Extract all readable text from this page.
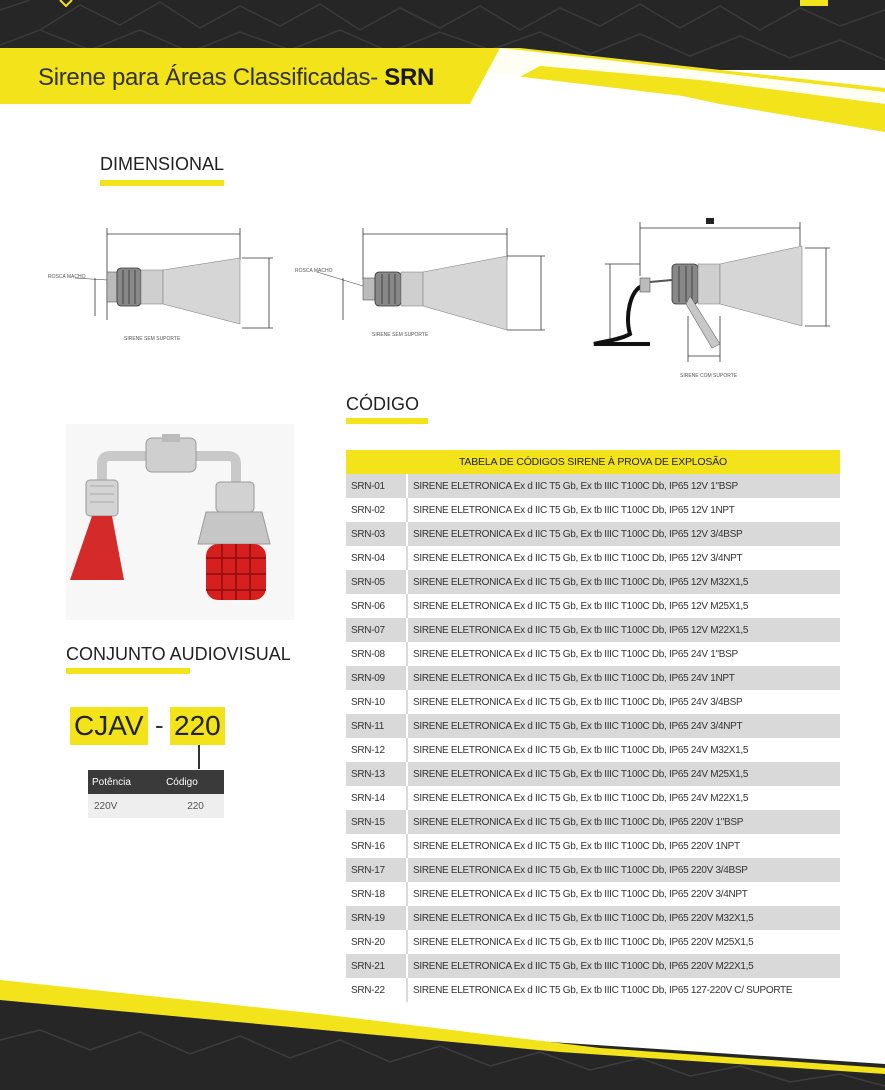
Sirene para Áreas Classificadas- SRN
DIMENSIONAL
ROSCA MACHO
SIRENE SEM SUPORTE
ROSCA MACHO
SIRENE SEM SUPORTE
SIRENE COM SUPORTE
CÓDIGO
TABELA DE CÓDIGOS SIRENE À PROVA DE EXPLOSÃO	
SRN-01	SIRENE ELETRONICA Ex d IIC T5 Gb, Ex tb IIIC T100C Db, IP65 12V 1"BSP
SRN-02	SIRENE ELETRONICA Ex d IIC T5 Gb, Ex tb IIIC T100C Db, IP65 12V 1NPT
SRN-03	SIRENE ELETRONICA Ex d IIC T5 Gb, Ex tb IIIC T100C Db, IP65 12V 3/4BSP
SRN-04	SIRENE ELETRONICA Ex d IIC T5 Gb, Ex tb IIIC T100C Db, IP65 12V 3/4NPT
SRN-05	SIRENE ELETRONICA Ex d IIC T5 Gb, Ex tb IIIC T100C Db, IP65 12V M32X1,5
SRN-06	SIRENE ELETRONICA Ex d IIC T5 Gb, Ex tb IIIC T100C Db, IP65 12V M25X1,5
SRN-07	SIRENE ELETRONICA Ex d IIC T5 Gb, Ex tb IIIC T100C Db, IP65 12V M22X1,5
SRN-08	SIRENE ELETRONICA Ex d IIC T5 Gb, Ex tb IIIC T100C Db, IP65 24V 1"BSP
SRN-09	SIRENE ELETRONICA Ex d IIC T5 Gb, Ex tb IIIC T100C Db, IP65 24V 1NPT
SRN-10	SIRENE ELETRONICA Ex d IIC T5 Gb, Ex tb IIIC T100C Db, IP65 24V 3/4BSP
SRN-11	SIRENE ELETRONICA Ex d IIC T5 Gb, Ex tb IIIC T100C Db, IP65 24V 3/4NPT
SRN-12	SIRENE ELETRONICA Ex d IIC T5 Gb, Ex tb IIIC T100C Db, IP65 24V M32X1,5
SRN-13	SIRENE ELETRONICA Ex d IIC T5 Gb, Ex tb IIIC T100C Db, IP65 24V M25X1,5
SRN-14	SIRENE ELETRONICA Ex d IIC T5 Gb, Ex tb IIIC T100C Db, IP65 24V M22X1,5
SRN-15	SIRENE ELETRONICA Ex d IIC T5 Gb, Ex tb IIIC T100C Db, IP65 220V 1"BSP
SRN-16	SIRENE ELETRONICA Ex d IIC T5 Gb, Ex tb IIIC T100C Db, IP65 220V 1NPT
SRN-17	SIRENE ELETRONICA Ex d IIC T5 Gb, Ex tb IIIC T100C Db, IP65 220V 3/4BSP
SRN-18	SIRENE ELETRONICA Ex d IIC T5 Gb, Ex tb IIIC T100C Db, IP65 220V 3/4NPT
SRN-19	SIRENE ELETRONICA Ex d IIC T5 Gb, Ex tb IIIC T100C Db, IP65 220V M32X1,5
SRN-20	SIRENE ELETRONICA Ex d IIC T5 Gb, Ex tb IIIC T100C Db, IP65 220V M25X1,5
SRN-21	SIRENE ELETRONICA Ex d IIC T5 Gb, Ex tb IIIC T100C Db, IP65 220V M22X1,5
SRN-22	SIRENE ELETRONICA Ex d IIC T5 Gb, Ex tb IIIC T100C Db, IP65 127-220V C/ SUPORTE
CONJUNTO AUDIOVISUAL
CJAV - 220
Potência	Código
220V	220
